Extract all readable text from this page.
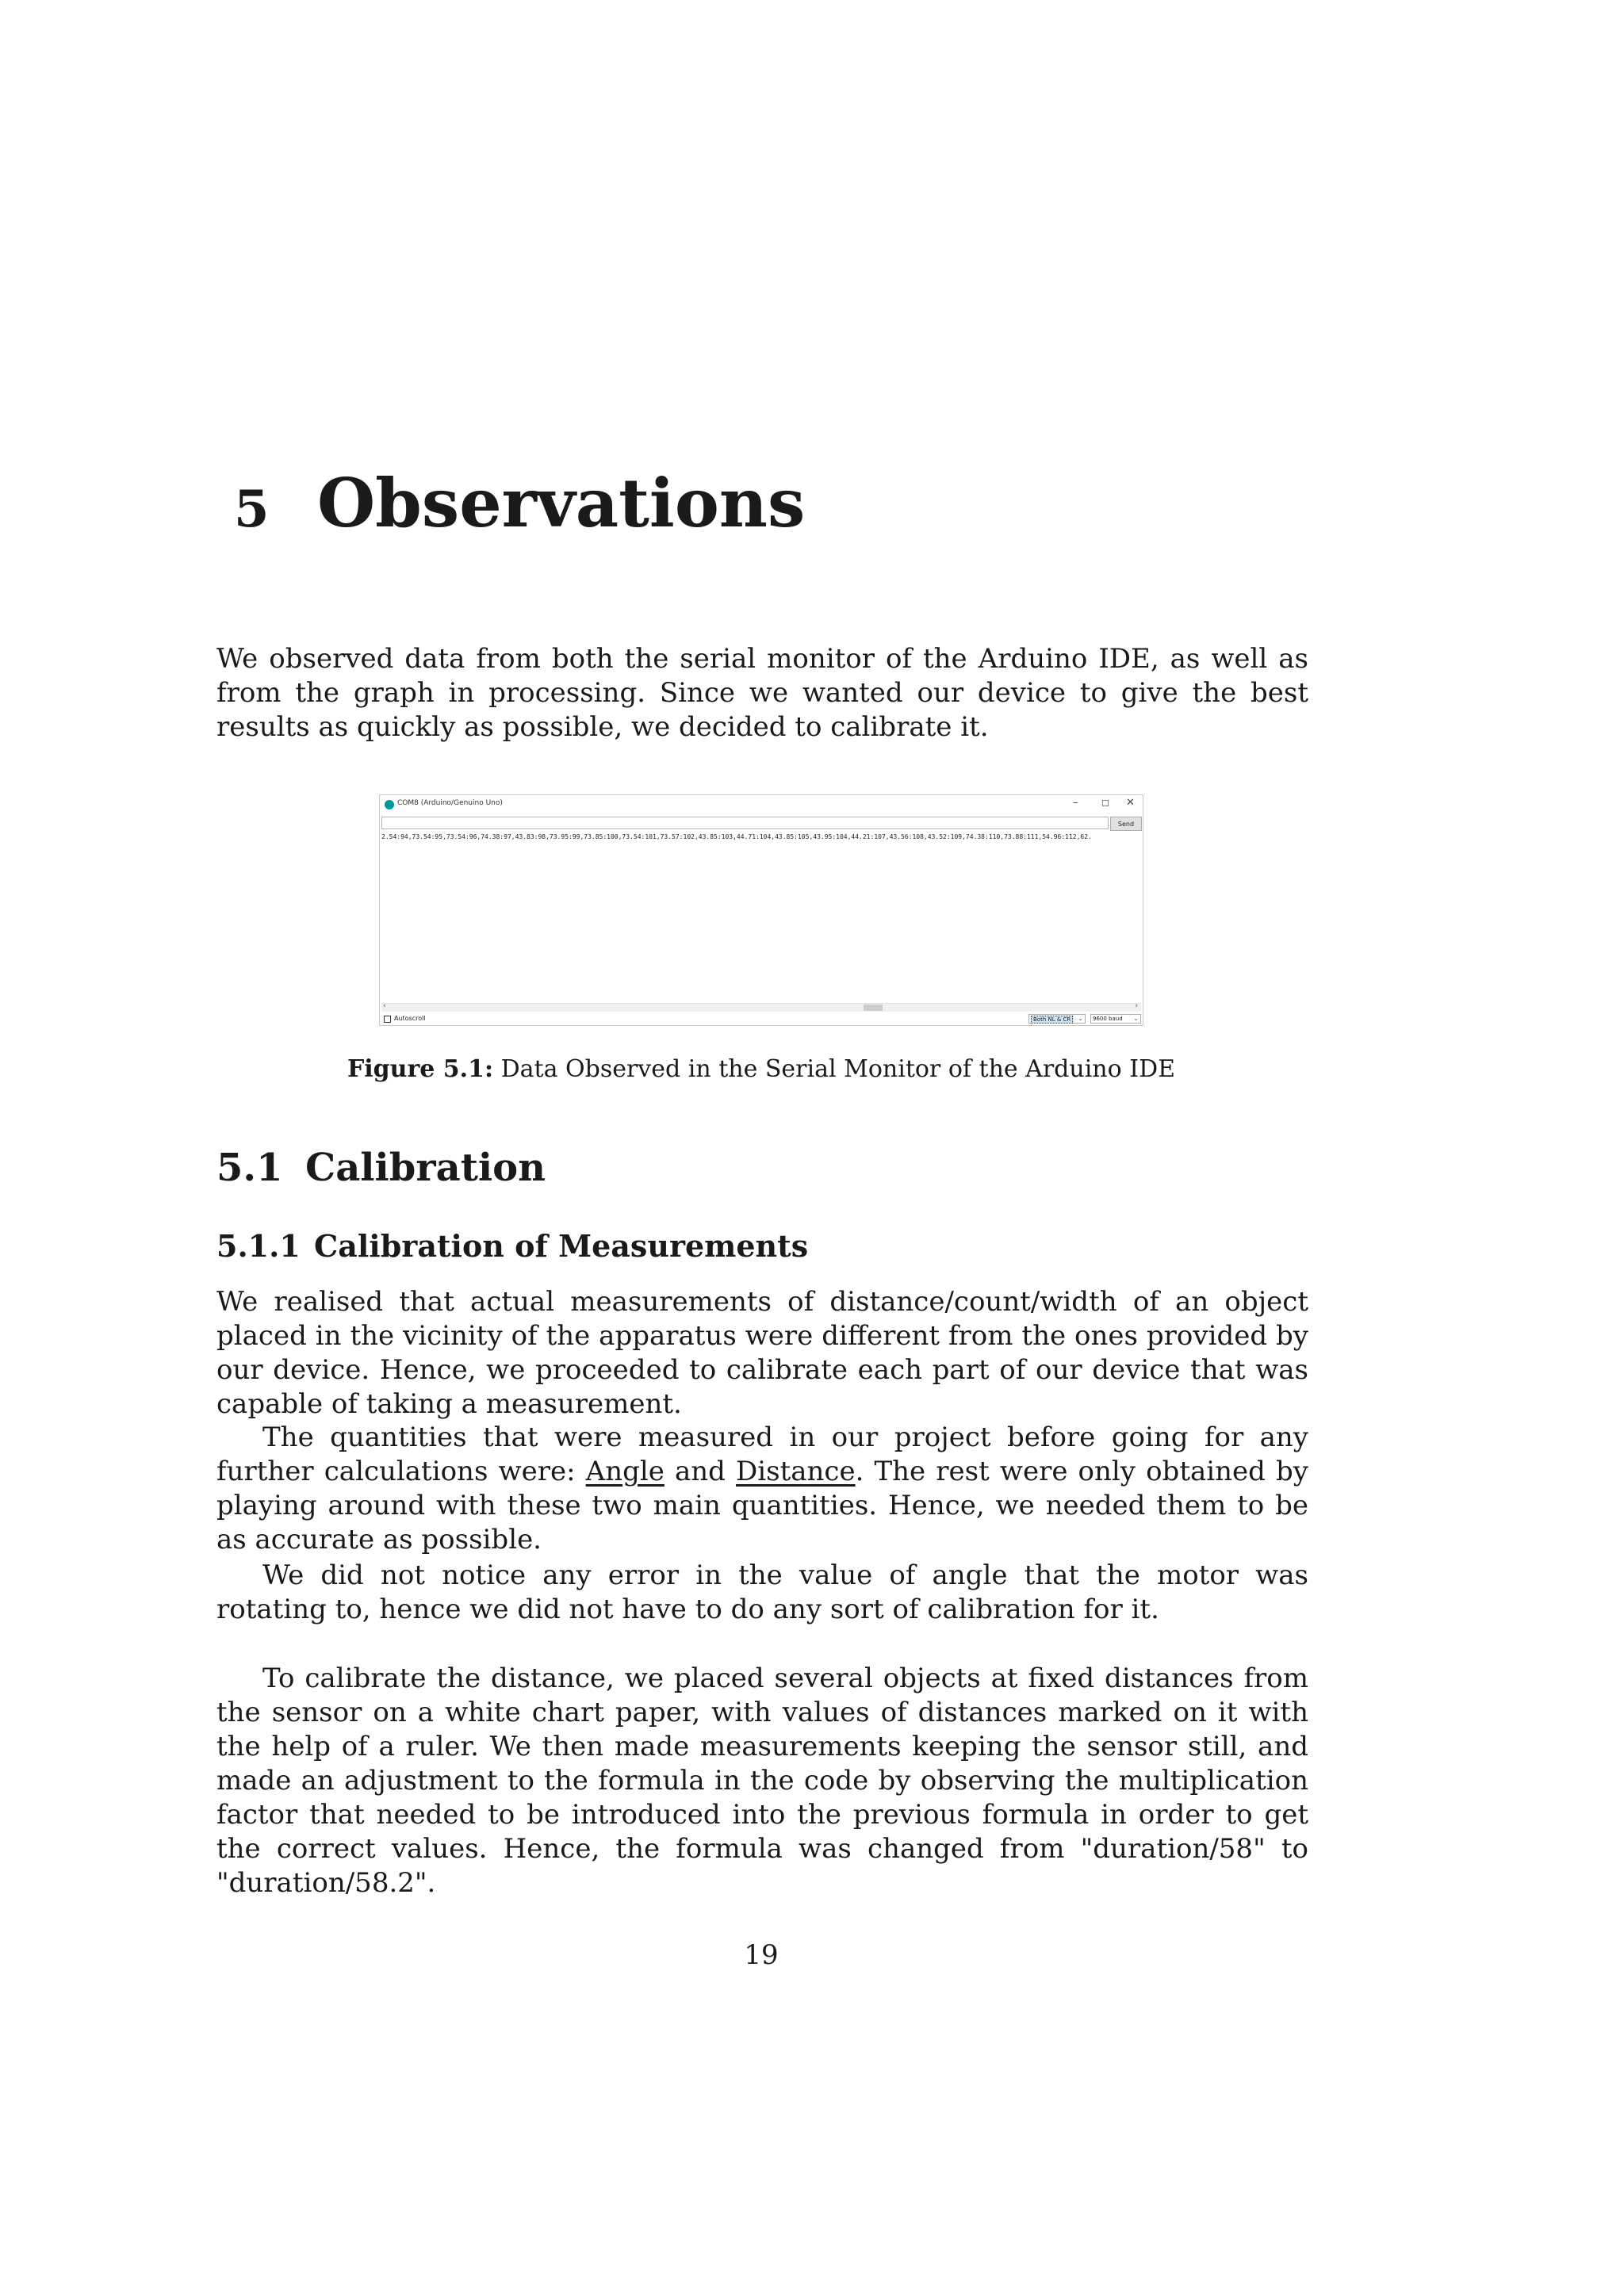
5 Observations

We observed data from both the serial monitor of the Arduino IDE, as well as from the graph in processing. Since we wanted our device to give the best results as quickly as possible, we decided to calibrate it.

COM8 (Arduino/Genuino Uno)	–	☐ ✕
Send
2.54:94,73.54:95,73.54:96,74.38:97,43.83:98,73.95:99,73.85:100,73.54:101,73.57:102,43.85:103,44.71:104,43.85:105,43.95:104,44.21:107,43.56:108,43.52:109,74.38:110,73.88:111,54.96:112,62.
‹	›
Autoscroll	Both NL & CR	⌄ 9600 baud ⌄
Figure 5.1: Data Observed in the Serial Monitor of the Arduino IDE
5.1 Calibration
5.1.1 Calibration of Measurements

We realised that actual measurements of distance/count/width of an object placed in the vicinity of the apparatus were different from the ones provided by our device. Hence, we proceeded to calibrate each part of our device that was capable of taking a measurement.

The quantities that were measured in our project before going for any further calculations were: Angle and Distance. The rest were only obtained by playing around with these two main quantities. Hence, we needed them to be as accurate as possible.

We did not notice any error in the value of angle that the motor was rotating to, hence we did not have to do any sort of calibration for it.

To calibrate the distance, we placed several objects at fixed distances from the sensor on a white chart paper, with values of distances marked on it with the help of a ruler. We then made measurements keeping the sensor still, and made an adjustment to the formula in the code by observing the multiplication factor that needed to be introduced into the previous formula in order to get the correct values. Hence, the formula was changed from "duration/58" to "duration/58.2".

19
